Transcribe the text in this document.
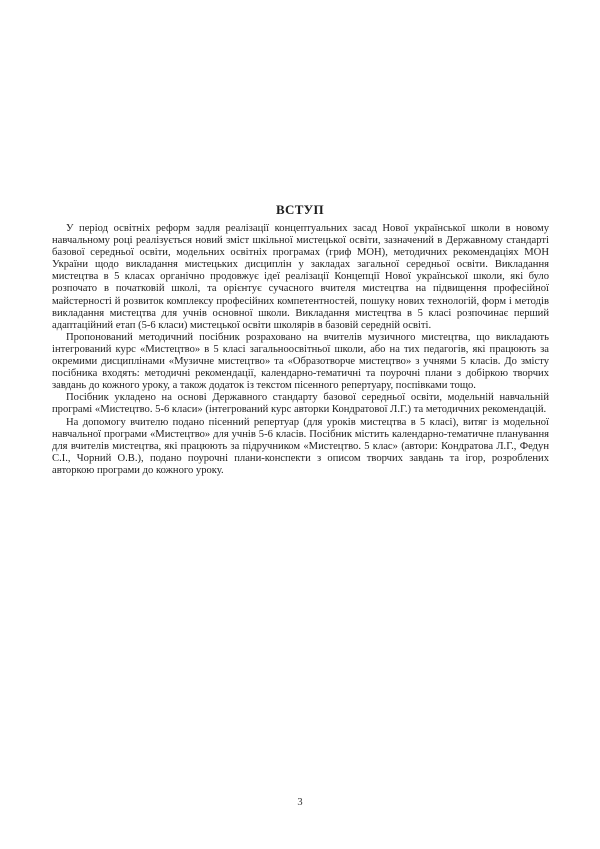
ВСТУП

У період освітніх реформ задля реалізації концептуальних засад Нової української школи в новому навчальному році реалізується новий зміст шкільної мистецької освіти, зазначений в Державному стандарті базової середньої освіти, модельних освітніх програмах (гриф МОН), методичних рекомендаціях МОН України щодо викладання мистецьких дисциплін у закладах загальної середньої освіти. Викладання мистецтва в 5 класах органічно продовжує ідеї реалізації Концепції Нової української школи, які було розпочато в початковій школі, та орієнтує сучасного вчителя мистецтва на підвищення професійної майстерності й розвиток комплексу професійних компетентностей, пошуку нових технологій, форм і методів викладання мистецтва для учнів основної школи. Викладання мистецтва в 5 класі розпочинає перший адаптаційний етап (5-6 класи) мистецької освіти школярів в базовій середній освіті.

Пропонований методичний посібник розраховано на вчителів музичного мистецтва, що викладають інтегрований курс «Мистецтво» в 5 класі загальноосвітньої школи, або на тих педагогів, які працюють за окремими дисциплінами «Музичне мистецтво» та «Образотворче мистецтво» з учнями 5 класів. До змісту посібника входять: методичні рекомендації, календарно-тематичні та поурочні плани з добіркою творчих завдань до кожного уроку, а також додаток із текстом пісенного репертуару, поспівками тощо.

Посібник укладено на основі Державного стандарту базової середньої освіти, модельній навчальній програмі «Мистецтво. 5-6 класи» (інтегрований курс авторки Кондратової Л.Г.) та методичних рекомендацій.

На допомогу вчителю подано пісенний репертуар (для уроків мистецтва в 5 класі), витяг із модельної навчальної програми «Мистецтво» для учнів 5-6 класів. Посібник містить календарно-тематичне планування для вчителів мистецтва, які працюють за підручником «Мистецтво. 5 клас» (автори: Кондратова Л.Г., Федун С.І., Чорний О.В.), подано поурочні плани-конспекти з описом творчих завдань та ігор, розроблених авторкою програми до кожного уроку.

3
